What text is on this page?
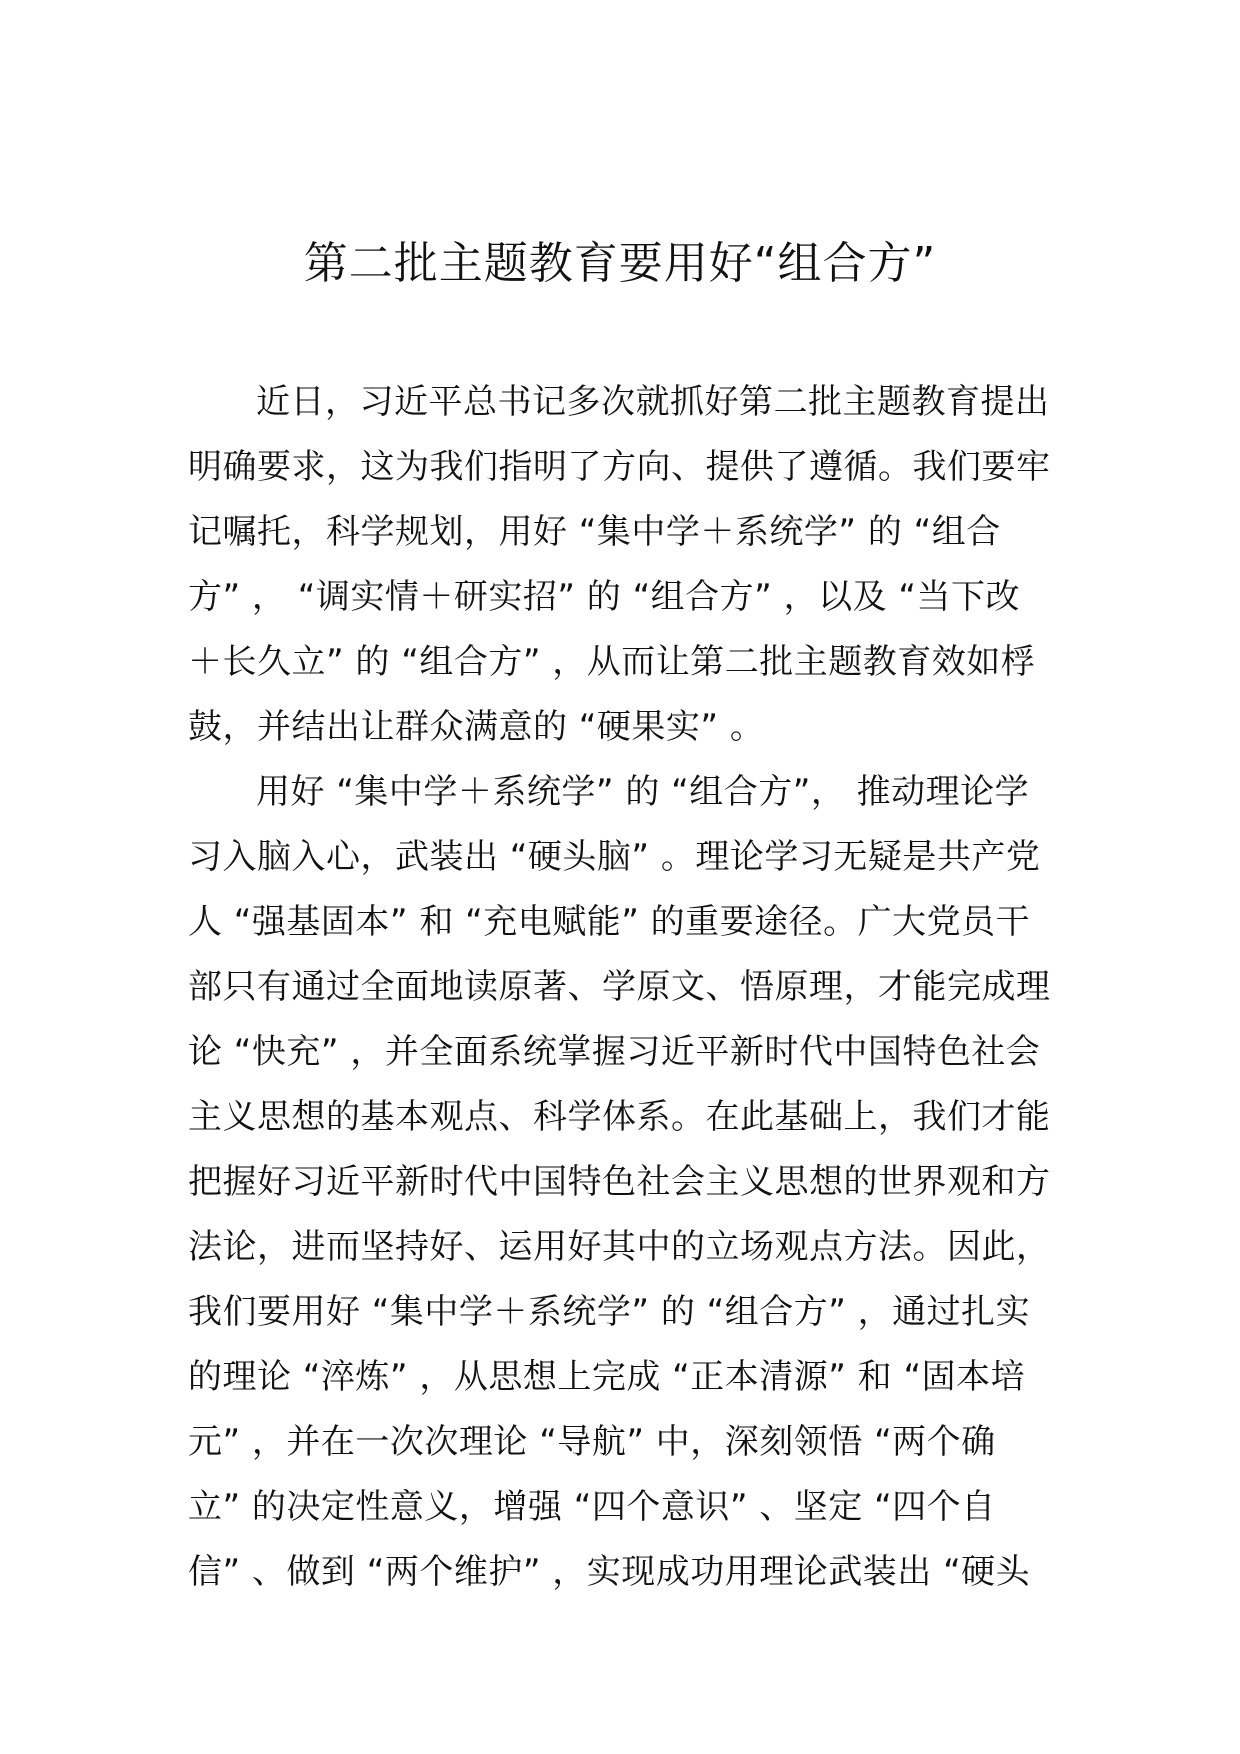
第二批主题教育要用好“组合方”
近日，习近平总书记多次就抓好第二批主题教育提出
明确要求，这为我们指明了方向、提供了遵循。我们要牢
记嘱托，科学规划，用好 “集中学＋系统学” 的 “组合
方” ， “调实情＋研实招” 的 “组合方” ，以及 “当下改
＋长久立” 的 “组合方” ，从而让第二批主题教育效如桴
鼓，并结出让群众满意的 “硬果实” 。
用好 “集中学＋系统学” 的 “组合方”， 推动理论学
习入脑入心，武装出 “硬头脑” 。理论学习无疑是共产党
人 “强基固本” 和 “充电赋能” 的重要途径。广大党员干
部只有通过全面地读原著、学原文、悟原理，才能完成理
论 “快充” ，并全面系统掌握习近平新时代中国特色社会
主义思想的基本观点、科学体系。在此基础上，我们才能
把握好习近平新时代中国特色社会主义思想的世界观和方
法论，进而坚持好、运用好其中的立场观点方法。因此，
我们要用好 “集中学＋系统学” 的 “组合方” ，通过扎实
的理论 “淬炼” ，从思想上完成 “正本清源” 和 “固本培
元” ，并在一次次理论 “导航” 中，深刻领悟 “两个确
立” 的决定性意义，增强 “四个意识” 、坚定 “四个自
信” 、做到 “两个维护” ，实现成功用理论武装出 “硬头
